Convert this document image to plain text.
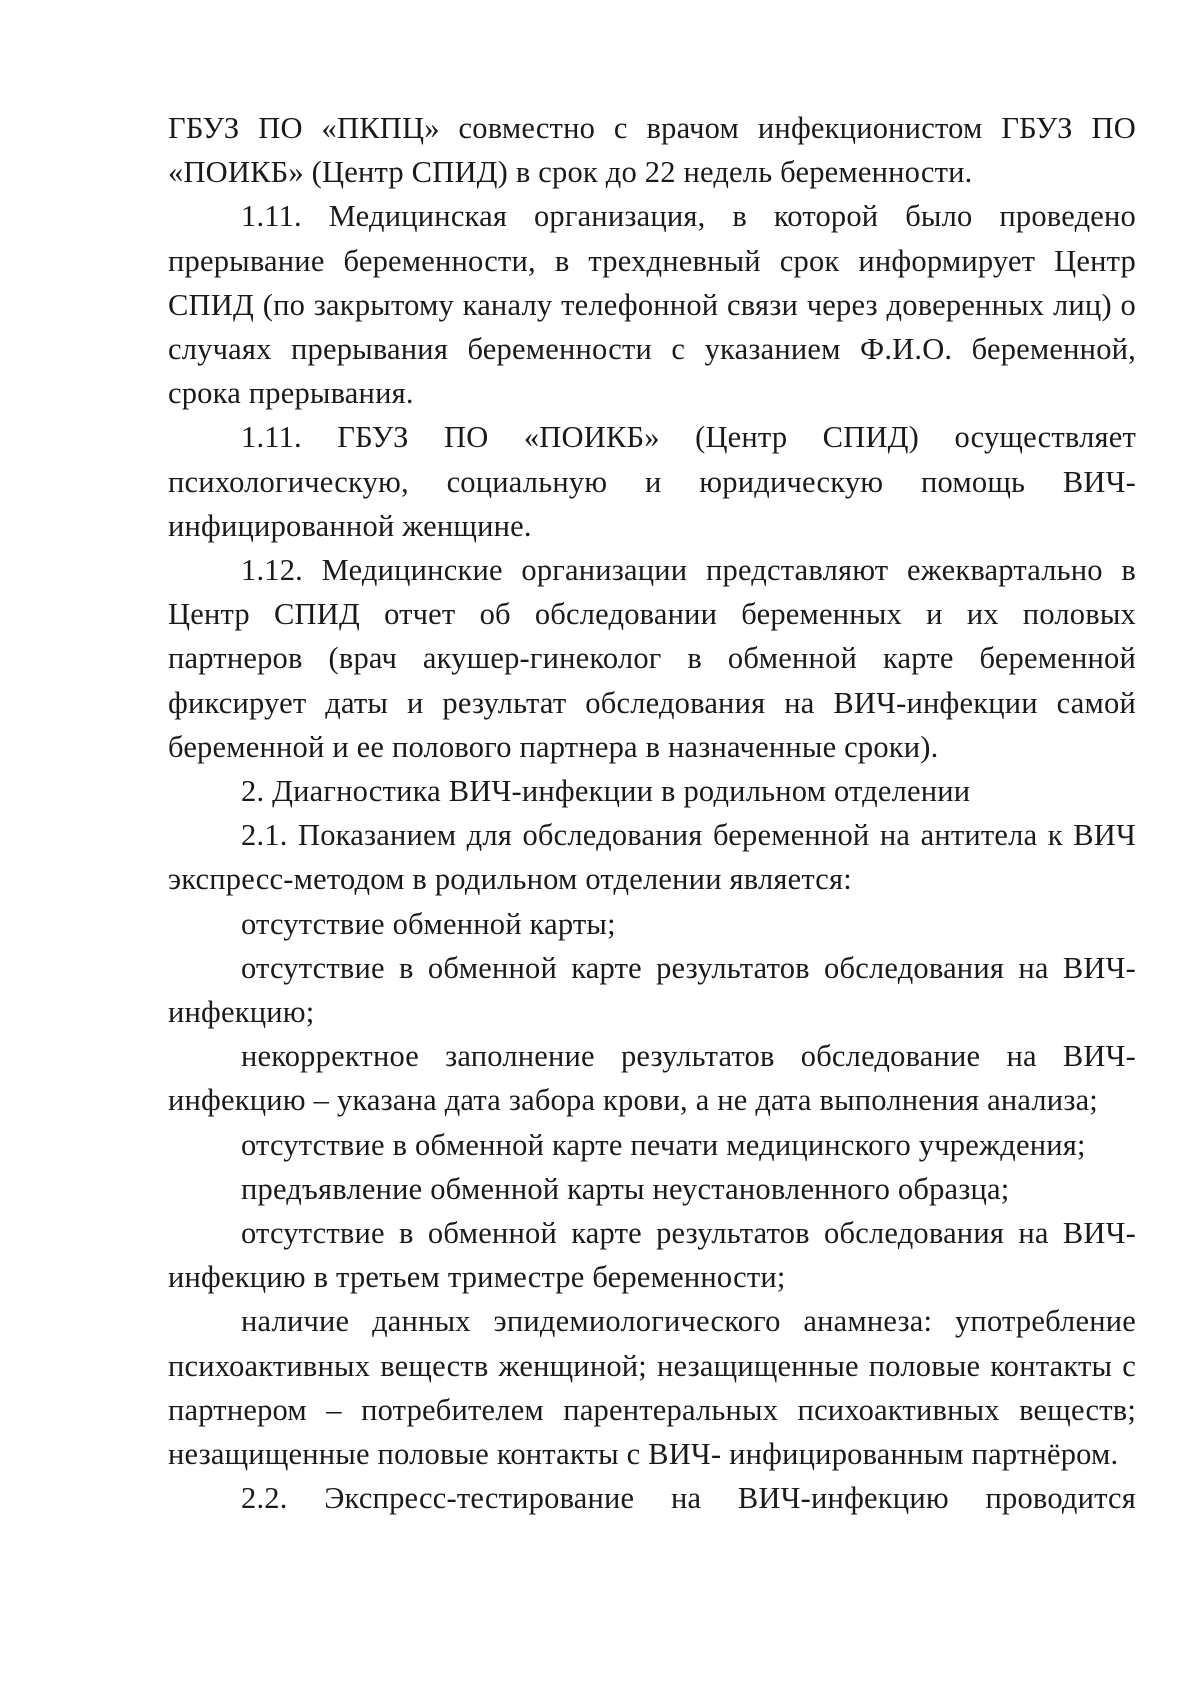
ГБУЗ ПО «ПКПЦ» совместно с врачом инфекционистом ГБУЗ ПО «ПОИКБ» (Центр СПИД) в срок до 22 недель беременности.

1.11. Медицинская организация, в которой было проведено прерывание беременности, в трехдневный срок информирует Центр СПИД (по закрытому каналу телефонной связи через доверенных лиц) о случаях прерывания беременности с указанием Ф.И.О. беременной, срока прерывания.

1.11. ГБУЗ ПО «ПОИКБ» (Центр СПИД) осуществляет психологическую, социальную и юридическую помощь ВИЧ-инфицированной женщине.

1.12. Медицинские организации представляют ежеквартально в Центр СПИД отчет об обследовании беременных и их половых партнеров (врач акушер-гинеколог в обменной карте беременной фиксирует даты и результат обследования на ВИЧ-инфекции самой беременной и ее полового партнера в назначенные сроки).

2. Диагностика ВИЧ-инфекции в родильном отделении

2.1. Показанием для обследования беременной на антитела к ВИЧ экспресс-методом в родильном отделении является:

отсутствие обменной карты;

отсутствие в обменной карте результатов обследования на ВИЧ-инфекцию;

некорректное заполнение результатов обследование на ВИЧ-инфекцию – указана дата забора крови, а не дата выполнения анализа;

отсутствие в обменной карте печати медицинского учреждения;

предъявление обменной карты неустановленного образца;

отсутствие в обменной карте результатов обследования на ВИЧ-инфекцию в третьем триместре беременности;

наличие данных эпидемиологического анамнеза: употребление психоактивных веществ женщиной; незащищенные половые контакты с партнером – потребителем парентеральных психоактивных веществ; незащищенные половые контакты с ВИЧ- инфицированным партнёром.

2.2. Экспресс-тестирование на ВИЧ-инфекцию проводится
